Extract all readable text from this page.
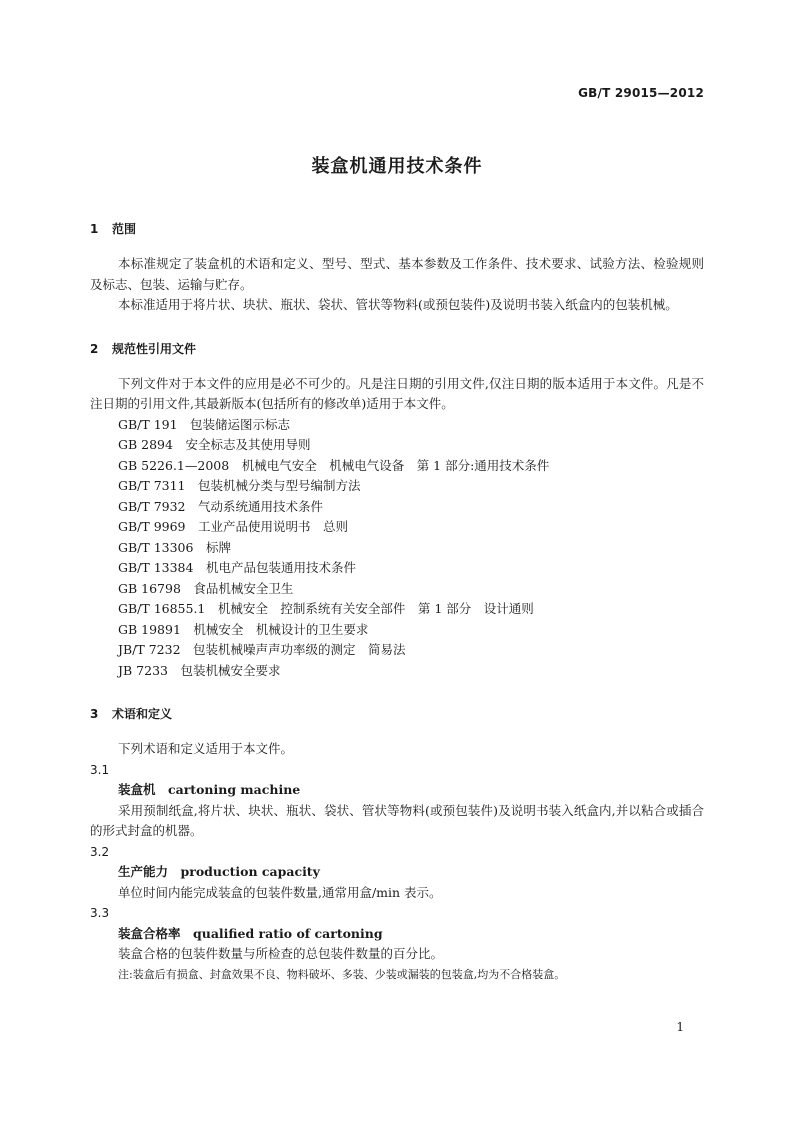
GB/T 29015—2012
装盒机通用技术条件

1 范围

本标准规定了装盒机的术语和定义、型号、型式、基本参数及工作条件、技术要求、试验方法、检验规则及标志、包装、运输与贮存。

本标准适用于将片状、块状、瓶状、袋状、管状等物料(或预包装件)及说明书装入纸盒内的包装机械。

2 规范性引用文件

下列文件对于本文件的应用是必不可少的。凡是注日期的引用文件,仅注日期的版本适用于本文件。凡是不注日期的引用文件,其最新版本(包括所有的修改单)适用于本文件。

GB/T 191　包装储运图示标志

GB 2894　安全标志及其使用导则

GB 5226.1—2008　机械电气安全　机械电气设备　第 1 部分:通用技术条件

GB/T 7311　包装机械分类与型号编制方法

GB/T 7932　气动系统通用技术条件

GB/T 9969　工业产品使用说明书　总则

GB/T 13306　标牌

GB/T 13384　机电产品包装通用技术条件

GB 16798　食品机械安全卫生

GB/T 16855.1　机械安全　控制系统有关安全部件　第 1 部分　设计通则

GB 19891　机械安全　机械设计的卫生要求

JB/T 7232　包装机械噪声声功率级的测定　简易法

JB 7233　包装机械安全要求

3 术语和定义

下列术语和定义适用于本文件。

3.1

装盒机　cartoning machine

采用预制纸盒,将片状、块状、瓶状、袋状、管状等物料(或预包装件)及说明书装入纸盒内,并以粘合或插合的形式封盒的机器。

3.2

生产能力　production capacity

单位时间内能完成装盒的包装件数量,通常用盒/min 表示。

3.3

装盒合格率　qualified ratio of cartoning

装盒合格的包装件数量与所检查的总包装件数量的百分比。

注:装盒后有损盒、封盒效果不良、物料破坏、多装、少装或漏装的包装盒,均为不合格装盒。

1
